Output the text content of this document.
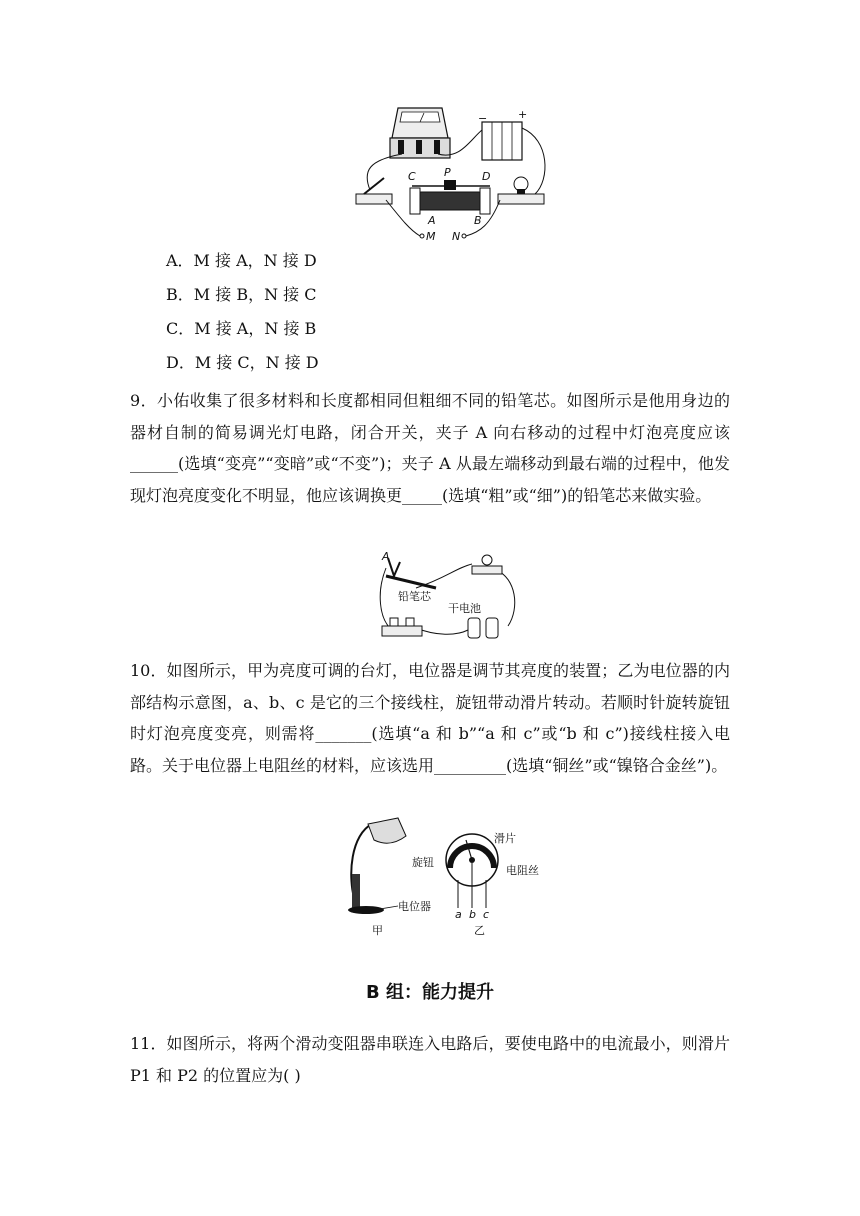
−	+
C	P	D
A	B
M N
A．M 接 A，N 接 D
B．M 接 B，N 接 C
C．M 接 A，N 接 B
D．M 接 C，N 接 D
9．小佑收集了很多材料和长度都相同但粗细不同的铅笔芯。如图所示是他用身边的器材自制的简易调光灯电路，闭合开关，夹子 A 向右移动的过程中灯泡亮度应该______(选填“变亮”“变暗”或“不变”)；夹子 A 从最左端移动到最右端的过程中，他发现灯泡亮度变化不明显，他应该调换更_____(选填“粗”或“细”)的铅笔芯来做实验。
A
铅笔芯
干电池
10．如图所示，甲为亮度可调的台灯，电位器是调节其亮度的装置；乙为电位器的内部结构示意图，a、b、c 是它的三个接线柱，旋钮带动滑片转动。若顺时针旋转旋钮时灯泡亮度变亮，则需将_______(选填“a 和 b”“a 和 c”或“b 和 c”)接线柱接入电路。关于电位器上电阻丝的材料，应该选用_________(选填“铜丝”或“镍铬合金丝”)。
电位器
甲
旋钮
滑片
电阻丝
a b c
乙
B 组：能力提升
11．如图所示，将两个滑动变阻器串联连入电路后，要使电路中的电流最小，则滑片 P1 和 P2 的位置应为( )
